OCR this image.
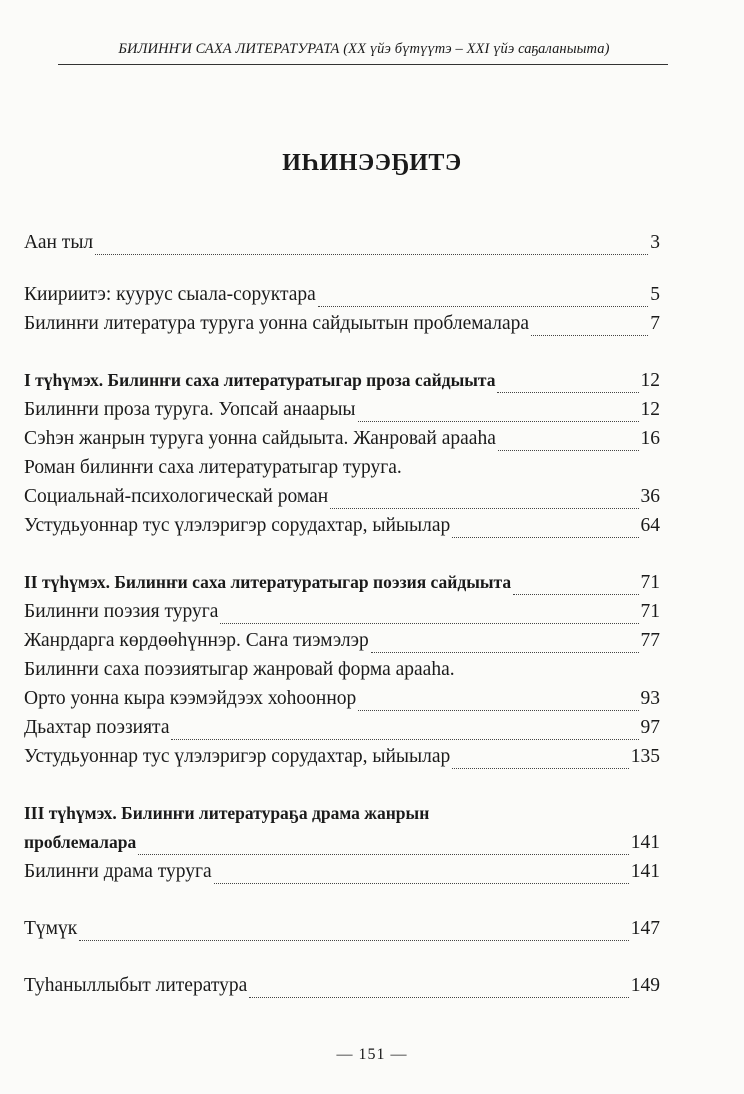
БИЛИНҤИ САХА ЛИТЕРАТУРАТА (XX үйэ бүтүүтэ – XXI үйэ саҕаланыыта)
ИҺИНЭЭҔИТЭ
Аан тыл	3
Киириитэ: куурус сыала-соруктара	5
Билинҥи литература туруга уонна сайдыытын проблемалара	7
I түһүмэх. Билинҥи саха литературатыгар проза сайдыыта	12
Билинҥи проза туруга. Уопсай анаарыы	12
Сэһэн жанрын туруга уонна сайдыыта. Жанровай арааһа	16
Роман билинҥи саха литературатыгар туруга.
Социальнай-психологическай роман	36
Устудьуоннар тус үлэлэригэр сорудахтар, ыйыылар	64
II түһүмэх. Билинҥи саха литературатыгар поэзия сайдыыта	71
Билинҥи поэзия туруга	71
Жанрдарга көрдөөһүннэр. Саҥа тиэмэлэр	77
Билинҥи саха поэзиятыгар жанровай форма арааһа.
Орто уонна кыра кээмэйдээх хоһооннор	93
Дьахтар поэзията	97
Устудьуоннар тус үлэлэригэр сорудахтар, ыйыылар	135
III түһүмэх. Билинҥи литератураҕа драма жанрын
проблемалара	141
Билинҥи драма туруга	141
Түмүк	147
Туһаныллыбыт литература	149
— 151 —
